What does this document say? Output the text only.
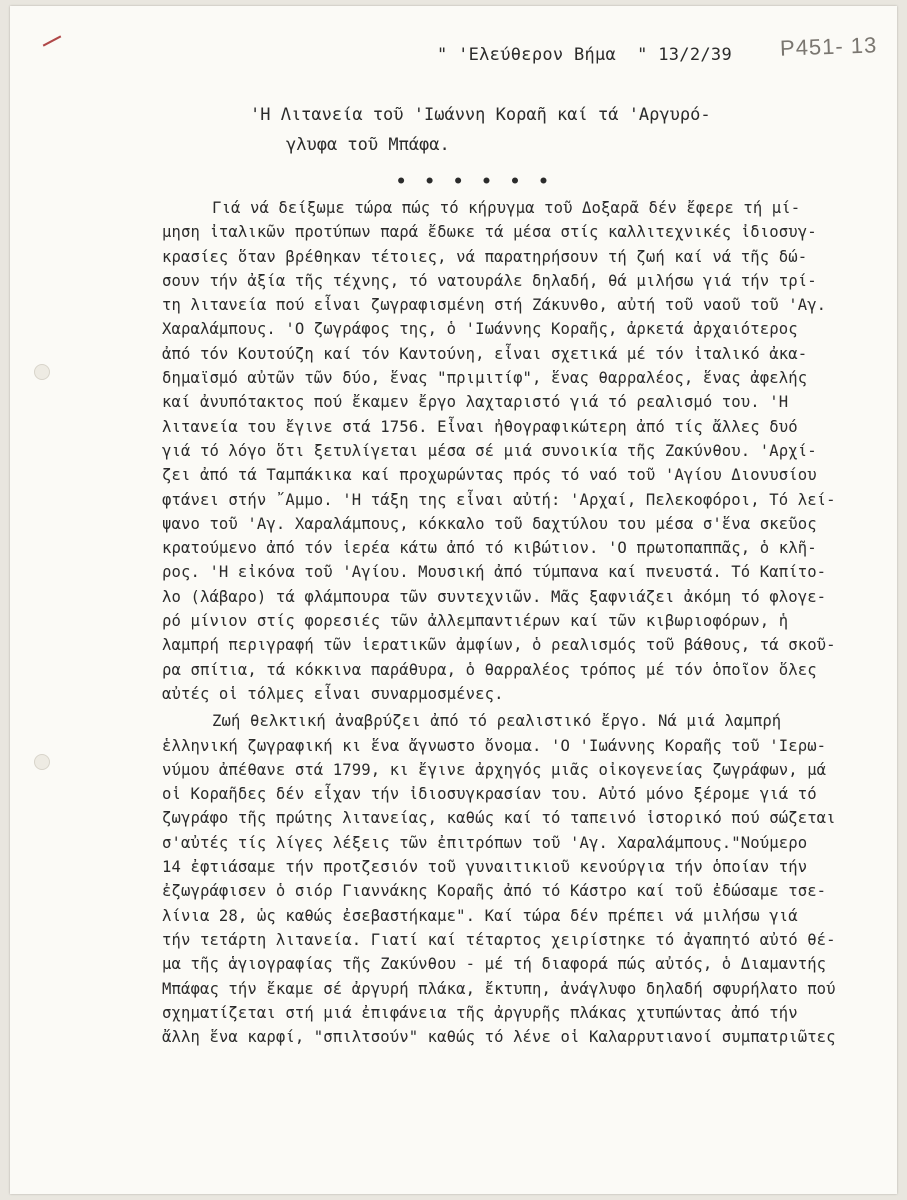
" 'Ελεύθερον Βήμα  " 13/2/39 P451- 13
'Η Λιτανεία τοῦ 'Ιωάννη Κοραῆ καί τά 'Αργυρό-
γλυφα τοῦ Μπάφα.
• • • • • •
Γιά νά δείξωμε τώρα πώς τό κήρυγμα τοῦ Δοξαρᾶ δέν ἔφερε τή μί-
μηση ἰταλικῶν προτύπων παρά ἔδωκε τά μέσα στίς καλλιτεχνικές ἰδιοσυγ-
κρασίες ὅταν βρέθηκαν τέτοιες, νά παρατηρήσουν τή ζωή καί νά τῆς δώ-
σουν τήν ἀξία τῆς τέχνης, τό νατουράλε δηλαδή, θά μιλήσω γιά τήν τρί-
τη λιτανεία πού εἶναι ζωγραφισμένη στή Ζάκυνθο, αὐτή τοῦ ναοῦ τοῦ 'Αγ.
Χαραλάμπους. 'Ο ζωγράφος της, ὁ 'Ιωάννης Κοραῆς, ἀρκετά ἀρχαιότερος
ἀπό τόν Κουτούζη καί τόν Καντούνη, εἶναι σχετικά μέ τόν ἰταλικό ἀκα-
δημαϊσμό αὐτῶν τῶν δύο, ἕνας "πριμιτίφ", ἕνας θαρραλέος, ἕνας ἀφελής
καί ἀνυπότακτος πού ἔκαμεν ἔργο λαχταριστό γιά τό ρεαλισμό του. 'Η
λιτανεία του ἔγινε στά 1756. Εἶναι ἠθογραφικώτερη ἀπό τίς ἄλλες δυό
γιά τό λόγο ὅτι ξετυλίγεται μέσα σέ μιά συνοικία τῆς Ζακύνθου. 'Αρχί-
ζει ἀπό τά Ταμπάκικα καί προχωρώντας πρός τό ναό τοῦ 'Αγίου Διονυσίου
φτάνει στήν ῎Αμμο. 'Η τάξη της εἶναι αὐτή: 'Αρχαί, Πελεκοφόροι, Τό λεί-
ψανο τοῦ 'Αγ. Χαραλάμπους, κόκκαλο τοῦ δαχτύλου του μέσα σ'ἕνα σκεῦος
κρατούμενο ἀπό τόν ἱερέα κάτω ἀπό τό κιβώτιον. 'Ο πρωτοπαππᾶς, ὁ κλῆ-
ρος. 'Η εἰκόνα τοῦ 'Αγίου. Μουσική ἀπό τύμπανα καί πνευστά. Τό Καπίτο-
λο (λάβαρο) τά φλάμπουρα τῶν συντεχνιῶν. Μᾶς ξαφνιάζει ἀκόμη τό φλογε-
ρό μίνιον στίς φορεσιές τῶν ἀλλεμπαντιέρων καί τῶν κιβωριοφόρων, ἡ
λαμπρή περιγραφή τῶν ἱερατικῶν ἀμφίων, ὁ ρεαλισμός τοῦ βάθους, τά σκοῦ-
ρα σπίτια, τά κόκκινα παράθυρα, ὁ θαρραλέος τρόπος μέ τόν ὁποῖον ὅλες
αὐτές οἱ τόλμες εἶναι συναρμοσμένες.
Ζωή θελκτική ἀναβρύζει ἀπό τό ρεαλιστικό ἔργο. Νά μιά λαμπρή
ἑλληνική ζωγραφική κι ἕνα ἄγνωστο ὄνομα. 'Ο 'Ιωάννης Κοραῆς τοῦ 'Ιερω-
νύμου ἀπέθανε στά 1799, κι ἔγινε ἀρχηγός μιᾶς οἰκογενείας ζωγράφων, μά
οἱ Κοραῆδες δέν εἶχαν τήν ἰδιοσυγκρασίαν του. Αὐτό μόνο ξέρομε γιά τό
ζωγράφο τῆς πρώτης λιτανείας, καθώς καί τό ταπεινό ἱστορικό πού σώζεται
σ'αὐτές τίς λίγες λέξεις τῶν ἐπιτρόπων τοῦ 'Αγ. Χαραλάμπους."Νούμερο
14 ἐφτιάσαμε τήν προτζεσιόν τοῦ γυναιτικιοῦ κενούργια τήν ὁποίαν τήν
ἐζωγράφισεν ὁ σιόρ Γιαννάκης Κοραῆς ἀπό τό Κάστρο καί τοῦ ἐδώσαμε τσε-
λίνια 28, ὡς καθώς ἐσεβαστήκαμε". Καί τώρα δέν πρέπει νά μιλήσω γιά
τήν τετάρτη λιτανεία. Γιατί καί τέταρτος χειρίστηκε τό ἀγαπητό αὐτό θέ-
μα τῆς ἁγιογραφίας τῆς Ζακύνθου - μέ τή διαφορά πώς αὐτός, ὁ Διαμαντής
Μπάφας τήν ἔκαμε σέ ἀργυρή πλάκα, ἔκτυπη, ἀνάγλυφο δηλαδή σφυρήλατο πού
σχηματίζεται στή μιά ἐπιφάνεια τῆς ἀργυρῆς πλάκας χτυπώντας ἀπό τήν
ἄλλη ἕνα καρφί, "σπιλτσούν" καθώς τό λένε οἱ Καλαρρυτιανοί συμπατριῶτες
